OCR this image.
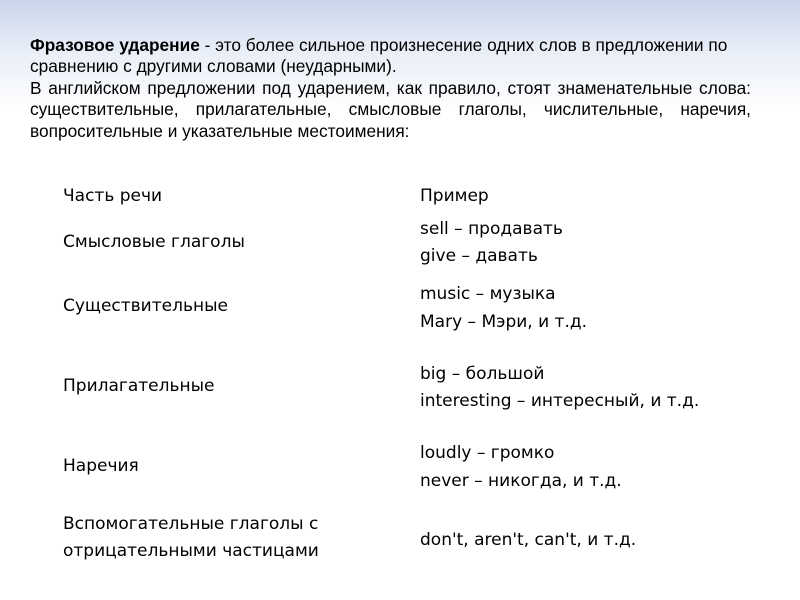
Фразовое ударение - это более сильное произнесение одних слов в предложении по сравнению с другими словами (неударными).

В английском предложении под ударением, как правило, стоят знаменательные слова: существительные, прилагательные, смысловые глаголы, числительные, наречия, вопросительные и указательные местоимения:

Часть речи	Пример
Смысловые глаголы
sell – продавать
give – давать
Существительные
music – музыка
Mary – Мэри, и т.д.
Прилагательные
big – большой
interesting – интересный, и т.д.
Наречия
loudly – громко
never – никогда, и т.д.
Вспомогательные глаголы с
отрицательными частицами
don't, aren't, can't, и т.д.
